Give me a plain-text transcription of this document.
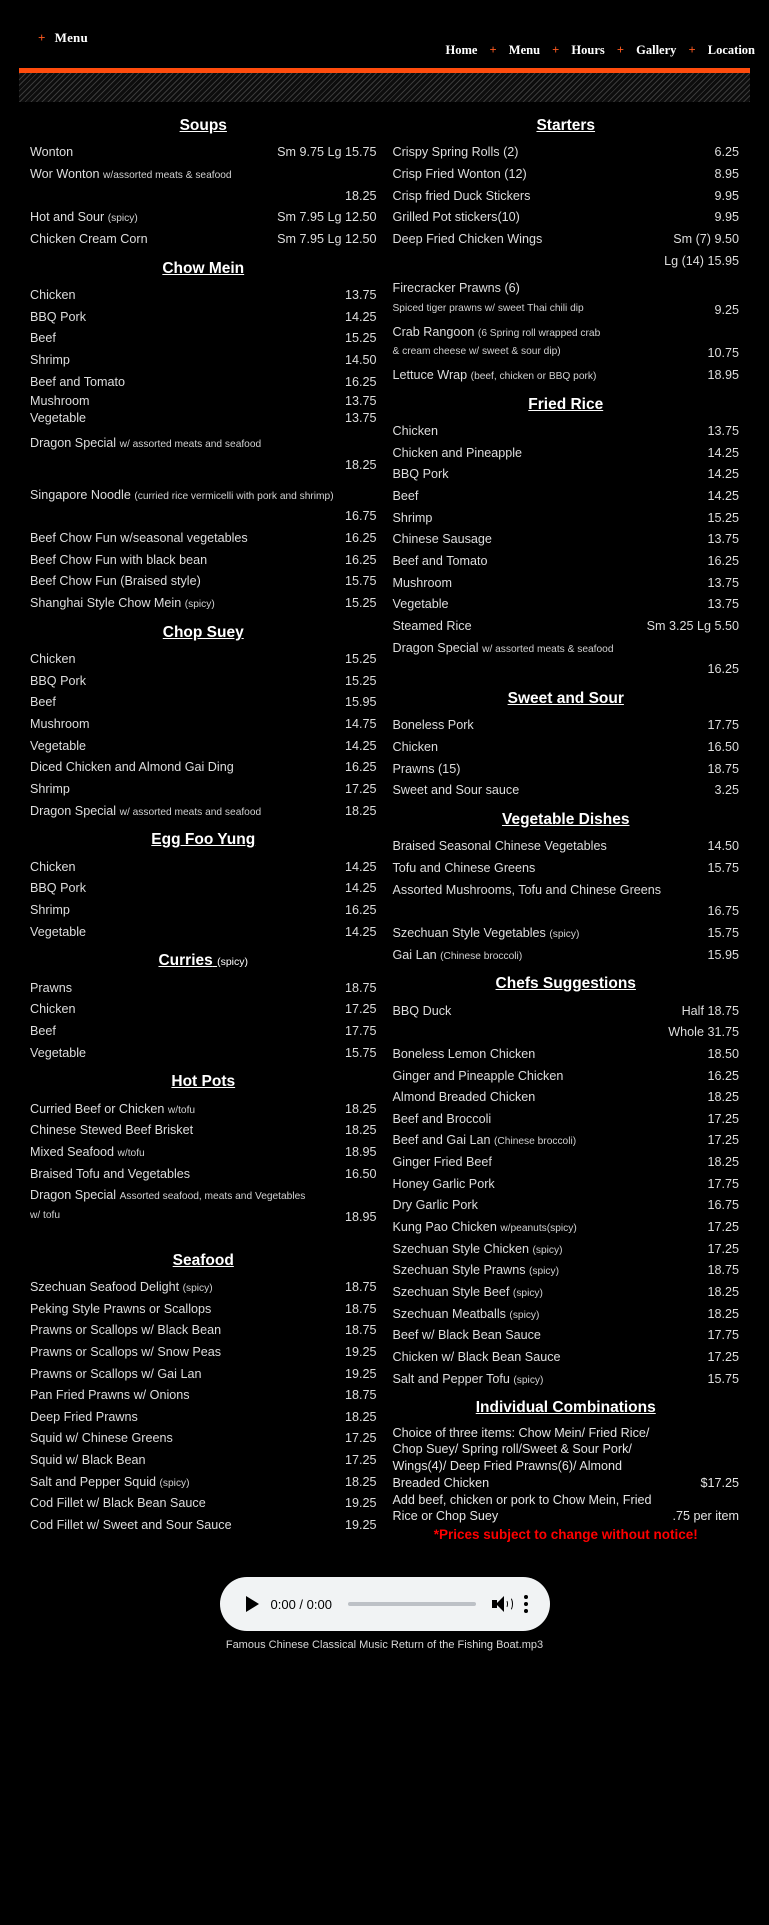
+ Menu
Home + Menu + Hours + Gallery + Location
Soups
Wonton	Sm 9.75 Lg 15.75
Wor Wonton w/assorted meats & seafood
18.25
Hot and Sour (spicy)	Sm 7.95 Lg 12.50
Chicken Cream Corn	Sm 7.95 Lg 12.50
Chow Mein
Chicken	13.75
BBQ Pork	14.25
Beef	15.25
Shrimp	14.50
Beef and Tomato	16.25
Mushroom	13.75
Vegetable	13.75
Dragon Special w/ assorted meats and seafood
18.25
Singapore Noodle (curried rice vermicelli with pork and shrimp)
16.75
Beef Chow Fun w/seasonal vegetables	16.25
Beef Chow Fun with black bean	16.25
Beef Chow Fun (Braised style)	15.75
Shanghai Style Chow Mein (spicy)	15.25
Chop Suey
Chicken	15.25
BBQ Pork	15.25
Beef	15.95
Mushroom	14.75
Vegetable	14.25
Diced Chicken and Almond Gai Ding	16.25
Shrimp	17.25
Dragon Special w/ assorted meats and seafood	18.25
Egg Foo Yung
Chicken	14.25
BBQ Pork	14.25
Shrimp	16.25
Vegetable	14.25
Curries (spicy)
Prawns	18.75
Chicken	17.25
Beef	17.75
Vegetable	15.75
Hot Pots
Curried Beef or Chicken w/tofu	18.25
Chinese Stewed Beef Brisket	18.25
Mixed Seafood w/tofu	18.95
Braised Tofu and Vegetables	16.50
Dragon Special Assorted seafood, meats and Vegetables
w/ tofu	18.95
Seafood
Szechuan Seafood Delight (spicy)	18.75
Peking Style Prawns or Scallops	18.75
Prawns or Scallops w/ Black Bean	18.75
Prawns or Scallops w/ Snow Peas	19.25
Prawns or Scallops w/ Gai Lan	19.25
Pan Fried Prawns w/ Onions	18.75
Deep Fried Prawns	18.25
Squid w/ Chinese Greens	17.25
Squid w/ Black Bean	17.25
Salt and Pepper Squid (spicy)	18.25
Cod Fillet w/ Black Bean Sauce	19.25
Cod Fillet w/ Sweet and Sour Sauce	19.25
Starters
Crispy Spring Rolls (2)	6.25
Crisp Fried Wonton (12)	8.95
Crisp fried Duck Stickers	9.95
Grilled Pot stickers(10)	9.95
Deep Fried Chicken Wings	Sm (7) 9.50
Lg (14) 15.95
Firecracker Prawns (6)
Spiced tiger prawns w/ sweet Thai chili dip	9.25
Crab Rangoon (6 Spring roll wrapped crab
& cream cheese w/ sweet & sour dip)	10.75
Lettuce Wrap (beef, chicken or BBQ pork)	18.95
Fried Rice
Chicken	13.75
Chicken and Pineapple	14.25
BBQ Pork	14.25
Beef	14.25
Shrimp	15.25
Chinese Sausage	13.75
Beef and Tomato	16.25
Mushroom	13.75
Vegetable	13.75
Steamed Rice	Sm 3.25 Lg 5.50
Dragon Special w/ assorted meats & seafood
16.25
Sweet and Sour
Boneless Pork	17.75
Chicken	16.50
Prawns (15)	18.75
Sweet and Sour sauce	3.25
Vegetable Dishes
Braised Seasonal Chinese Vegetables	14.50
Tofu and Chinese Greens	15.75
Assorted Mushrooms, Tofu and Chinese Greens
16.75
Szechuan Style Vegetables (spicy)	15.75
Gai Lan (Chinese broccoli)	15.95
Chefs Suggestions
BBQ Duck	Half 18.75
Whole 31.75
Boneless Lemon Chicken	18.50
Ginger and Pineapple Chicken	16.25
Almond Breaded Chicken	18.25
Beef and Broccoli	17.25
Beef and Gai Lan (Chinese broccoli)	17.25
Ginger Fried Beef	18.25
Honey Garlic Pork	17.75
Dry Garlic Pork	16.75
Kung Pao Chicken w/peanuts(spicy)	17.25
Szechuan Style Chicken (spicy)	17.25
Szechuan Style Prawns (spicy)	18.75
Szechuan Style Beef (spicy)	18.25
Szechuan Meatballs (spicy)	18.25
Beef w/ Black Bean Sauce	17.75
Chicken w/ Black Bean Sauce	17.25
Salt and Pepper Tofu (spicy)	15.75
Individual Combinations
Choice of three items: Chow Mein/ Fried Rice/
Chop Suey/ Spring roll/Sweet & Sour Pork/
Wings(4)/ Deep Fried Prawns(6)/ Almond
Breaded Chicken	$17.25
Add beef, chicken or pork to Chow Mein, Fried
Rice or Chop Suey	.75 per item
*Prices subject to change without notice!
0:00 / 0:00
Famous Chinese Classical Music Return of the Fishing Boat.mp3
